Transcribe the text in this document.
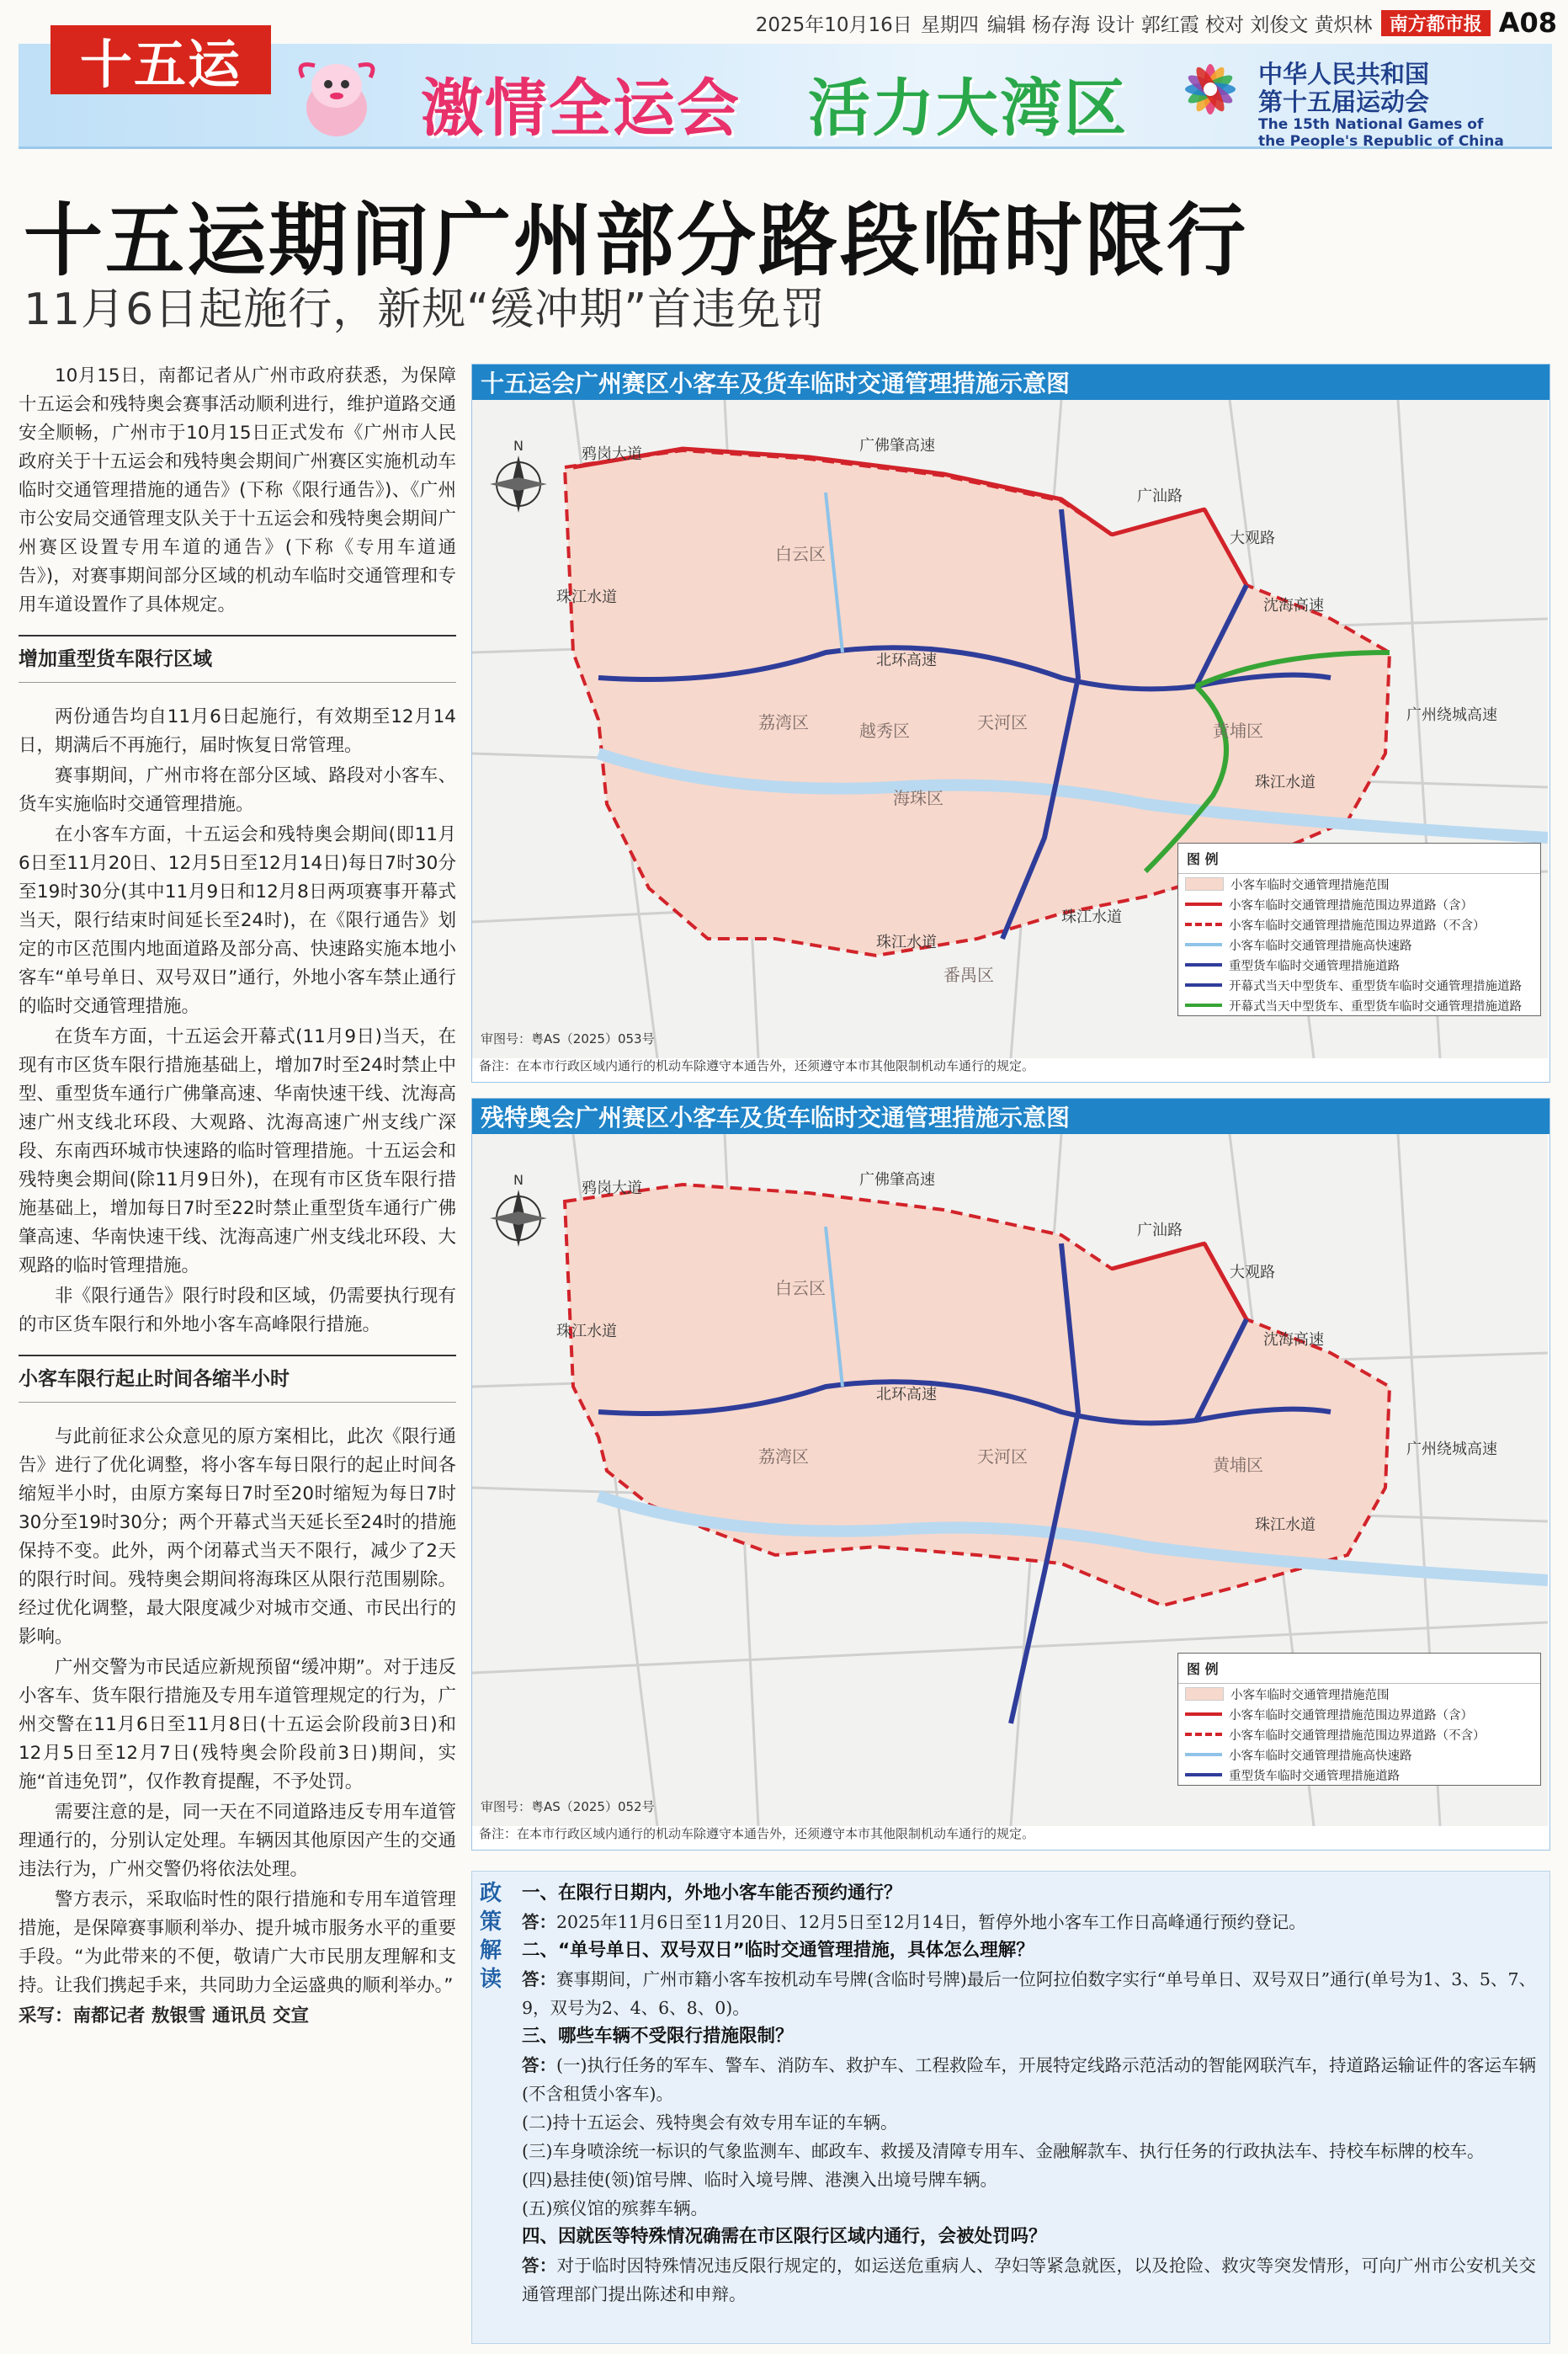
2025年10月16日 星期四 编辑 杨存海 设计 郭红霞 校对 刘俊文 黄炽林 南方都市报 A08
十五运
激情全运会 活力大湾区	中华人民共和国
第十五届运动会
The 15th National Games of
the People's Republic of China
十五运期间广州部分路段临时限行
11月6日起施行，新规“缓冲期”首违免罚

10月15日，南都记者从广州市政府获悉，为保障十五运会和残特奥会赛事活动顺利进行，维护道路交通安全顺畅，广州市于10月15日正式发布《广州市人民政府关于十五运会和残特奥会期间广州赛区实施机动车临时交通管理措施的通告》(下称《限行通告》)、《广州市公安局交通管理支队关于十五运会和残特奥会期间广州赛区设置专用车道的通告》(下称《专用车道通告》)，对赛事期间部分区域的机动车临时交通管理和专用车道设置作了具体规定。

增加重型货车限行区域

两份通告均自11月6日起施行，有效期至12月14日，期满后不再施行，届时恢复日常管理。

赛事期间，广州市将在部分区域、路段对小客车、货车实施临时交通管理措施。

在小客车方面，十五运会和残特奥会期间(即11月6日至11月20日、12月5日至12月14日)每日7时30分至19时30分(其中11月9日和12月8日两项赛事开幕式当天，限行结束时间延长至24时)，在《限行通告》划定的市区范围内地面道路及部分高、快速路实施本地小客车“单号单日、双号双日”通行，外地小客车禁止通行的临时交通管理措施。

在货车方面，十五运会开幕式(11月9日)当天，在现有市区货车限行措施基础上，增加7时至24时禁止中型、重型货车通行广佛肇高速、华南快速干线、沈海高速广州支线北环段、大观路、沈海高速广州支线广深段、东南西环城市快速路的临时管理措施。十五运会和残特奥会期间(除11月9日外)，在现有市区货车限行措施基础上，增加每日7时至22时禁止重型货车通行广佛肇高速、华南快速干线、沈海高速广州支线北环段、大观路的临时管理措施。

非《限行通告》限行时段和区域，仍需要执行现有的市区货车限行和外地小客车高峰限行措施。

小客车限行起止时间各缩半小时

与此前征求公众意见的原方案相比，此次《限行通告》进行了优化调整，将小客车每日限行的起止时间各缩短半小时，由原方案每日7时至20时缩短为每日7时30分至19时30分；两个开幕式当天延长至24时的措施保持不变。此外，两个闭幕式当天不限行，减少了2天的限行时间。残特奥会期间将海珠区从限行范围剔除。经过优化调整，最大限度减少对城市交通、市民出行的影响。

广州交警为市民适应新规预留“缓冲期”。对于违反小客车、货车限行措施及专用车道管理规定的行为，广州交警在11月6日至11月8日(十五运会阶段前3日)和12月5日至12月7日(残特奥会阶段前3日)期间，实施“首违免罚”，仅作教育提醒，不予处罚。

需要注意的是，同一天在不同道路违反专用车道管理通行的，分别认定处理。车辆因其他原因产生的交通违法行为，广州交警仍将依法处理。

警方表示，采取临时性的限行措施和专用车道管理措施，是保障赛事顺利举办、提升城市服务水平的重要手段。“为此带来的不便，敬请广大市民朋友理解和支持。让我们携起手来，共同助力全运盛典的顺利举办。”

采写：南都记者 敖银雪 通讯员 交宣

十五运会广州赛区小客车及货车临时交通管理措施示意图
N	鸦岗大道	广佛肇高速
广汕路
大观路
沈海高速
珠江水道
北环高速
广州绕城高速
珠江水道
珠江水道
珠江水道
白云区
荔湾区	越秀区
海珠区
天河区	黄埔区
番禺区
图 例
小客车临时交通管理措施范围
小客车临时交通管理措施范围边界道路（含）
小客车临时交通管理措施范围边界道路（不含）
小客车临时交通管理措施高快速路
重型货车临时交通管理措施道路
开幕式当天中型货车、重型货车临时交通管理措施道路
开幕式当天中型货车、重型货车临时交通管理措施道路
审图号：粤AS（2025）053号
备注：在本市行政区域内通行的机动车除遵守本通告外，还须遵守本市其他限制机动车通行的规定。
残特奥会广州赛区小客车及货车临时交通管理措施示意图
N	鸦岗大道	广佛肇高速
广汕路
大观路
沈海高速
珠江水道
北环高速
广州绕城高速
珠江水道
白云区
荔湾区	天河区	黄埔区
图 例
小客车临时交通管理措施范围
小客车临时交通管理措施范围边界道路（含）
小客车临时交通管理措施范围边界道路（不含）
小客车临时交通管理措施高快速路
重型货车临时交通管理措施道路
审图号：粤AS（2025）052号
备注：在本市行政区域内通行的机动车除遵守本通告外，还须遵守本市其他限制机动车通行的规定。
政策解读
一、在限行日期内，外地小客车能否预约通行？
答：2025年11月6日至11月20日、12月5日至12月14日，暂停外地小客车工作日高峰通行预约登记。
二、“单号单日、双号双日”临时交通管理措施，具体怎么理解？
答：赛事期间，广州市籍小客车按机动车号牌(含临时号牌)最后一位阿拉伯数字实行“单号单日、双号双日”通行(单号为1、3、5、7、9，双号为2、4、6、8、0)。
三、哪些车辆不受限行措施限制？
答：(一)执行任务的军车、警车、消防车、救护车、工程救险车，开展特定线路示范活动的智能网联汽车，持道路运输证件的客运车辆(不含租赁小客车)。
(二)持十五运会、残特奥会有效专用车证的车辆。
(三)车身喷涂统一标识的气象监测车、邮政车、救援及清障专用车、金融解款车、执行任务的行政执法车、持校车标牌的校车。
(四)悬挂使(领)馆号牌、临时入境号牌、港澳入出境号牌车辆。
(五)殡仪馆的殡葬车辆。
四、因就医等特殊情况确需在市区限行区域内通行，会被处罚吗？
答：对于临时因特殊情况违反限行规定的，如运送危重病人、孕妇等紧急就医，以及抢险、救灾等突发情形，可向广州市公安机关交通管理部门提出陈述和申辩。
